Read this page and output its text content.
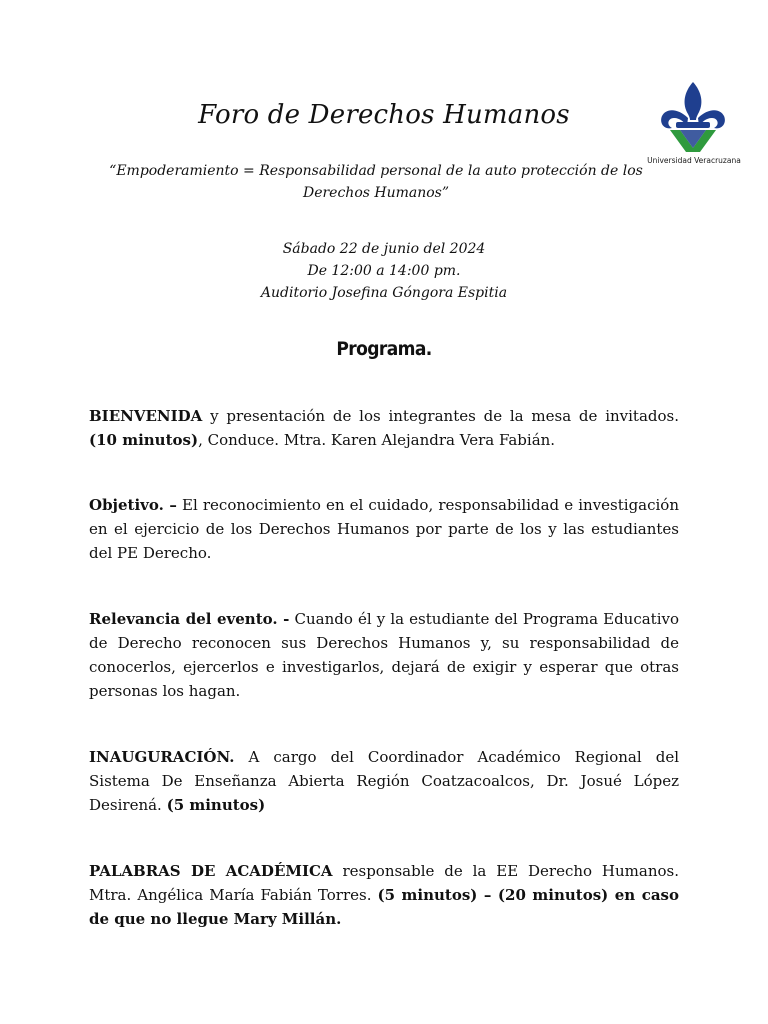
Universidad Veracruzana
Foro de Derechos Humanos
“Empoderamiento = Responsabilidad personal de la auto protección de los Derechos Humanos”
Sábado 22 de junio del 2024
De 12:00 a 14:00 pm.
Auditorio Josefina Góngora Espitia
Programa.
BIENVENIDA y presentación de los integrantes de la mesa de invitados. (10 minutos), Conduce. Mtra. Karen Alejandra Vera Fabián.
Objetivo. – El reconocimiento en el cuidado, responsabilidad e investigación en el ejercicio de los Derechos Humanos por parte de los y las estudiantes del PE Derecho.
Relevancia del evento. - Cuando él y la estudiante del Programa Educativo de Derecho reconocen sus Derechos Humanos y, su responsabilidad de conocerlos, ejercerlos e investigarlos, dejará de exigir y esperar que otras personas los hagan.
INAUGURACIÓN. A cargo del Coordinador Académico Regional del Sistema De Enseñanza Abierta Región Coatzacoalcos, Dr. Josué López Desirená. (5 minutos)
PALABRAS DE ACADÉMICA responsable de la EE Derecho Humanos. Mtra. Angélica María Fabián Torres. (5 minutos) – (20 minutos) en caso de que no llegue Mary Millán.
